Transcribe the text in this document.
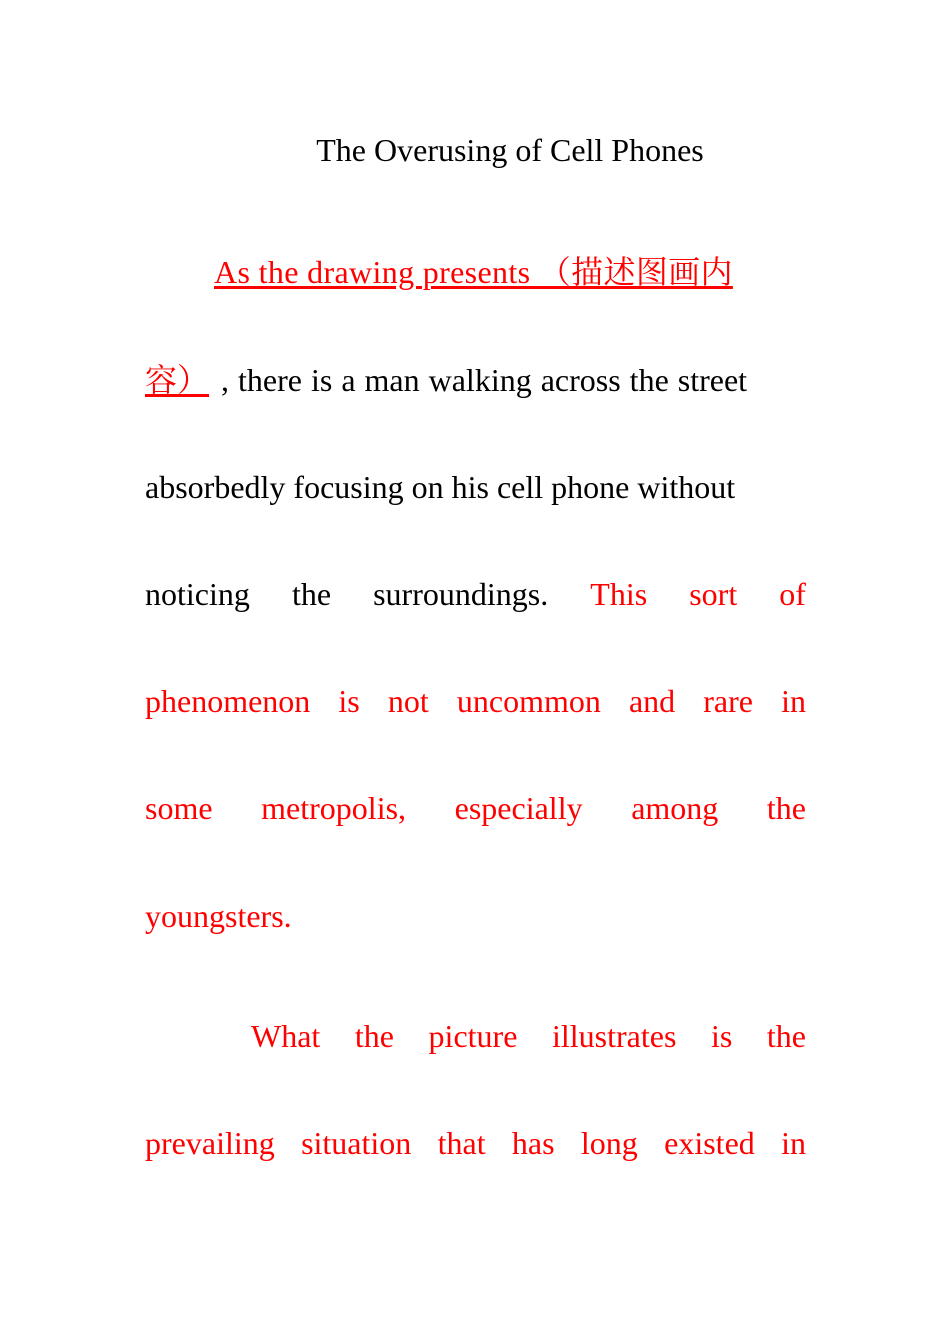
The Overusing of Cell Phones
As the drawing presents （描述图画内
容） , there is a man walking across the street
absorbedly focusing on his cell phone without
noticing the surroundings. This sort of
phenomenon is not uncommon and rare in
some metropolis, especially among the
youngsters.
What the picture illustrates is the
prevailing situation that has long existed in
